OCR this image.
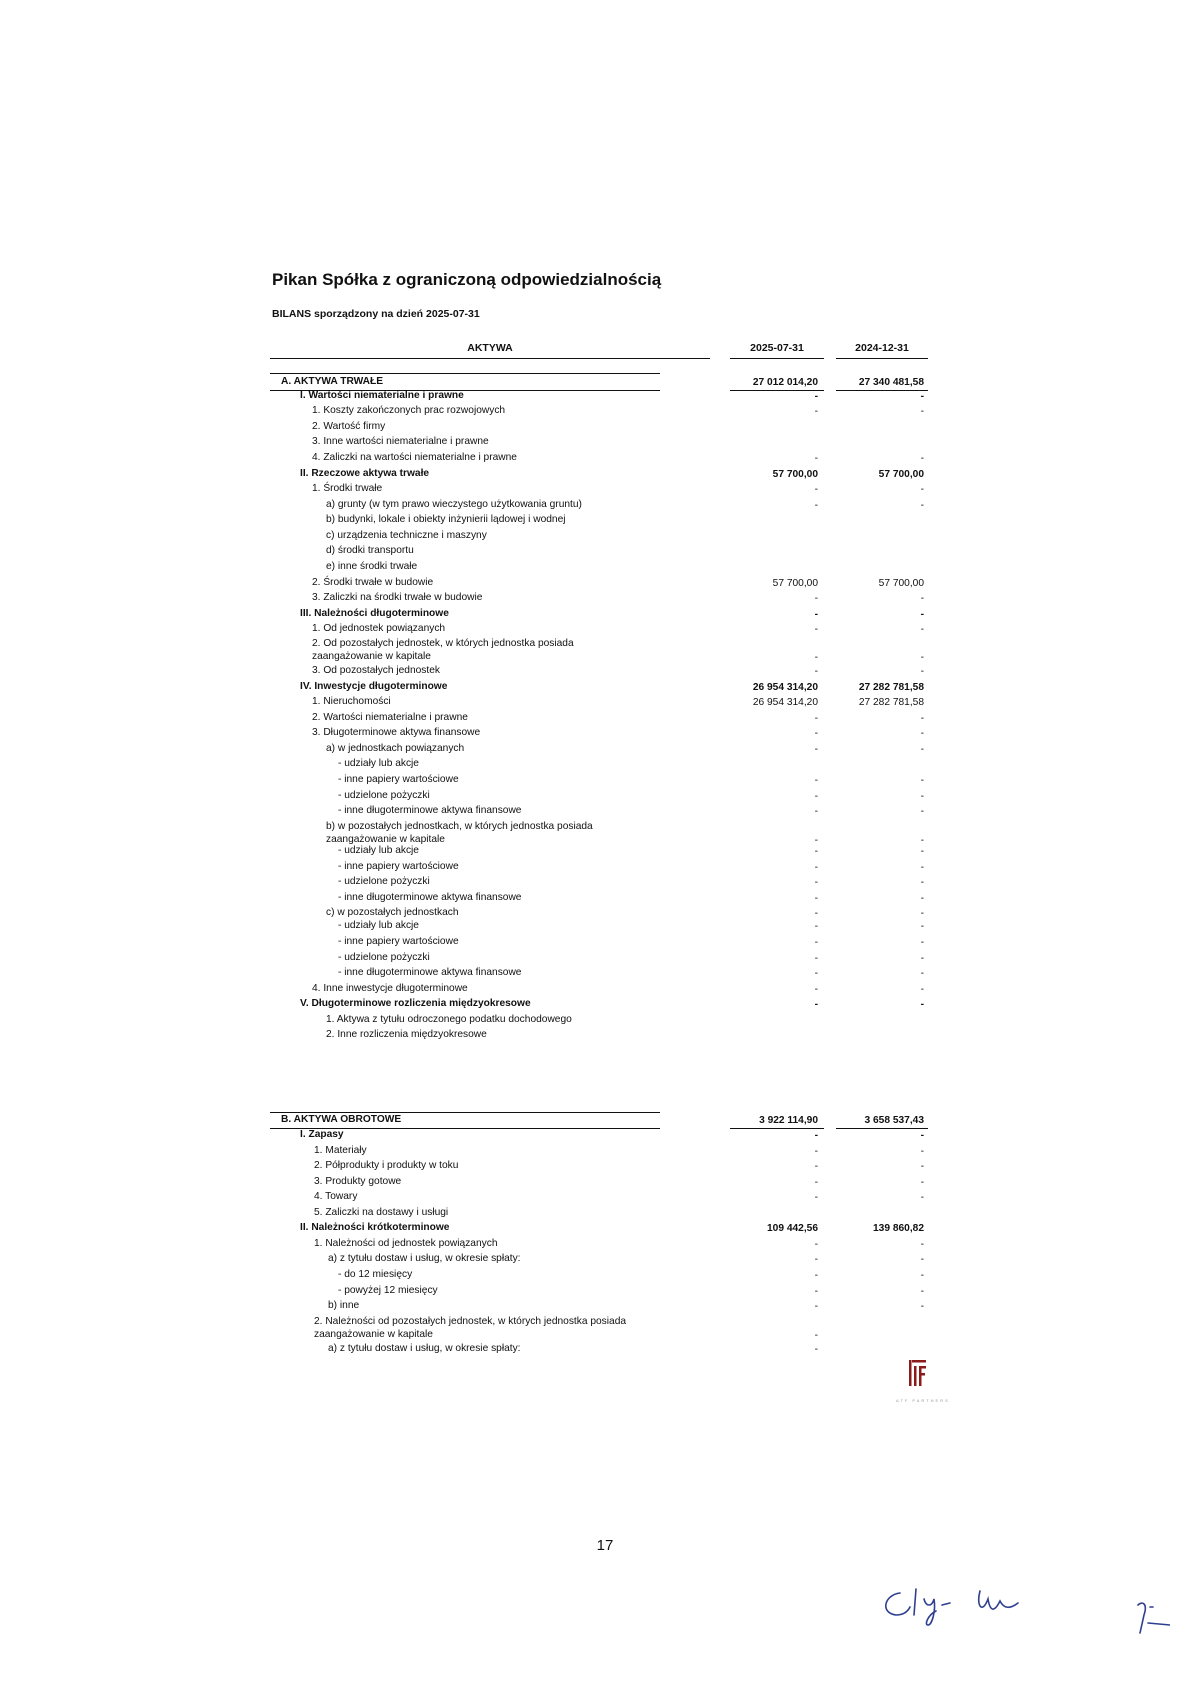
Pikan Spółka z ograniczoną odpowiedzialnością
BILANS sporządzony na dzień 2025-07-31
AKTYWA	2025-07-31	2024-12-31
A. AKTYWA TRWAŁE	27 012 014,20	27 340 481,58
I. Wartości niematerialne i prawne	-	-
1. Koszty zakończonych prac rozwojowych	-	-
2. Wartość firmy
3. Inne wartości niematerialne i prawne
4. Zaliczki na wartości niematerialne i prawne	-	-
II. Rzeczowe aktywa trwałe	57 700,00	57 700,00
1. Środki trwałe	-	-
a) grunty (w tym prawo wieczystego użytkowania gruntu)	-	-
b) budynki, lokale i obiekty inżynierii lądowej i wodnej
c) urządzenia techniczne i maszyny
d) środki transportu
e) inne środki trwałe
2. Środki trwałe w budowie	57 700,00	57 700,00
3. Zaliczki na środki trwałe w budowie	-	-
III. Należności długoterminowe	-	-
1. Od jednostek powiązanych	-	-
2. Od pozostałych jednostek, w których jednostka posiada
zaangażowanie w kapitale	-	-
3. Od pozostałych jednostek	-	-
IV. Inwestycje długoterminowe	26 954 314,20	27 282 781,58
1. Nieruchomości	26 954 314,20	27 282 781,58
2. Wartości niematerialne i prawne	-	-
3. Długoterminowe aktywa finansowe	-	-
a) w jednostkach powiązanych	-	-
- udziały lub akcje
- inne papiery wartościowe	-	-
- udzielone pożyczki	-	-
- inne długoterminowe aktywa finansowe	-	-
b) w pozostałych jednostkach, w których jednostka posiada
zaangażowanie w kapitale	-	-
- udziały lub akcje	-	-
- inne papiery wartościowe	-	-
- udzielone pożyczki	-	-
- inne długoterminowe aktywa finansowe	-	-
c) w pozostałych jednostkach	-	-
- udziały lub akcje	-	-
- inne papiery wartościowe	-	-
- udzielone pożyczki	-	-
- inne długoterminowe aktywa finansowe	-	-
4. Inne inwestycje długoterminowe	-	-
V. Długoterminowe rozliczenia międzyokresowe	-	-
1. Aktywa z tytułu odroczonego podatku dochodowego
2. Inne rozliczenia międzyokresowe
B. AKTYWA OBROTOWE	3 922 114,90	3 658 537,43
I. Zapasy	-	-
1. Materiały	-	-
2. Półprodukty i produkty w toku	-	-
3. Produkty gotowe	-	-
4. Towary	-	-
5. Zaliczki na dostawy i usługi
II. Należności krótkoterminowe	109 442,56	139 860,82
1. Należności od jednostek powiązanych	-	-
a) z tytułu dostaw i usług, w okresie spłaty:	-	-
- do 12 miesięcy	-	-
- powyżej 12 miesięcy	-	-
b) inne	-	-
2. Należności od pozostałych jednostek, w których jednostka posiada
zaangażowanie w kapitale	-
a) z tytułu dostaw i usług, w okresie spłaty:	-
ATF PARTNERS
17
